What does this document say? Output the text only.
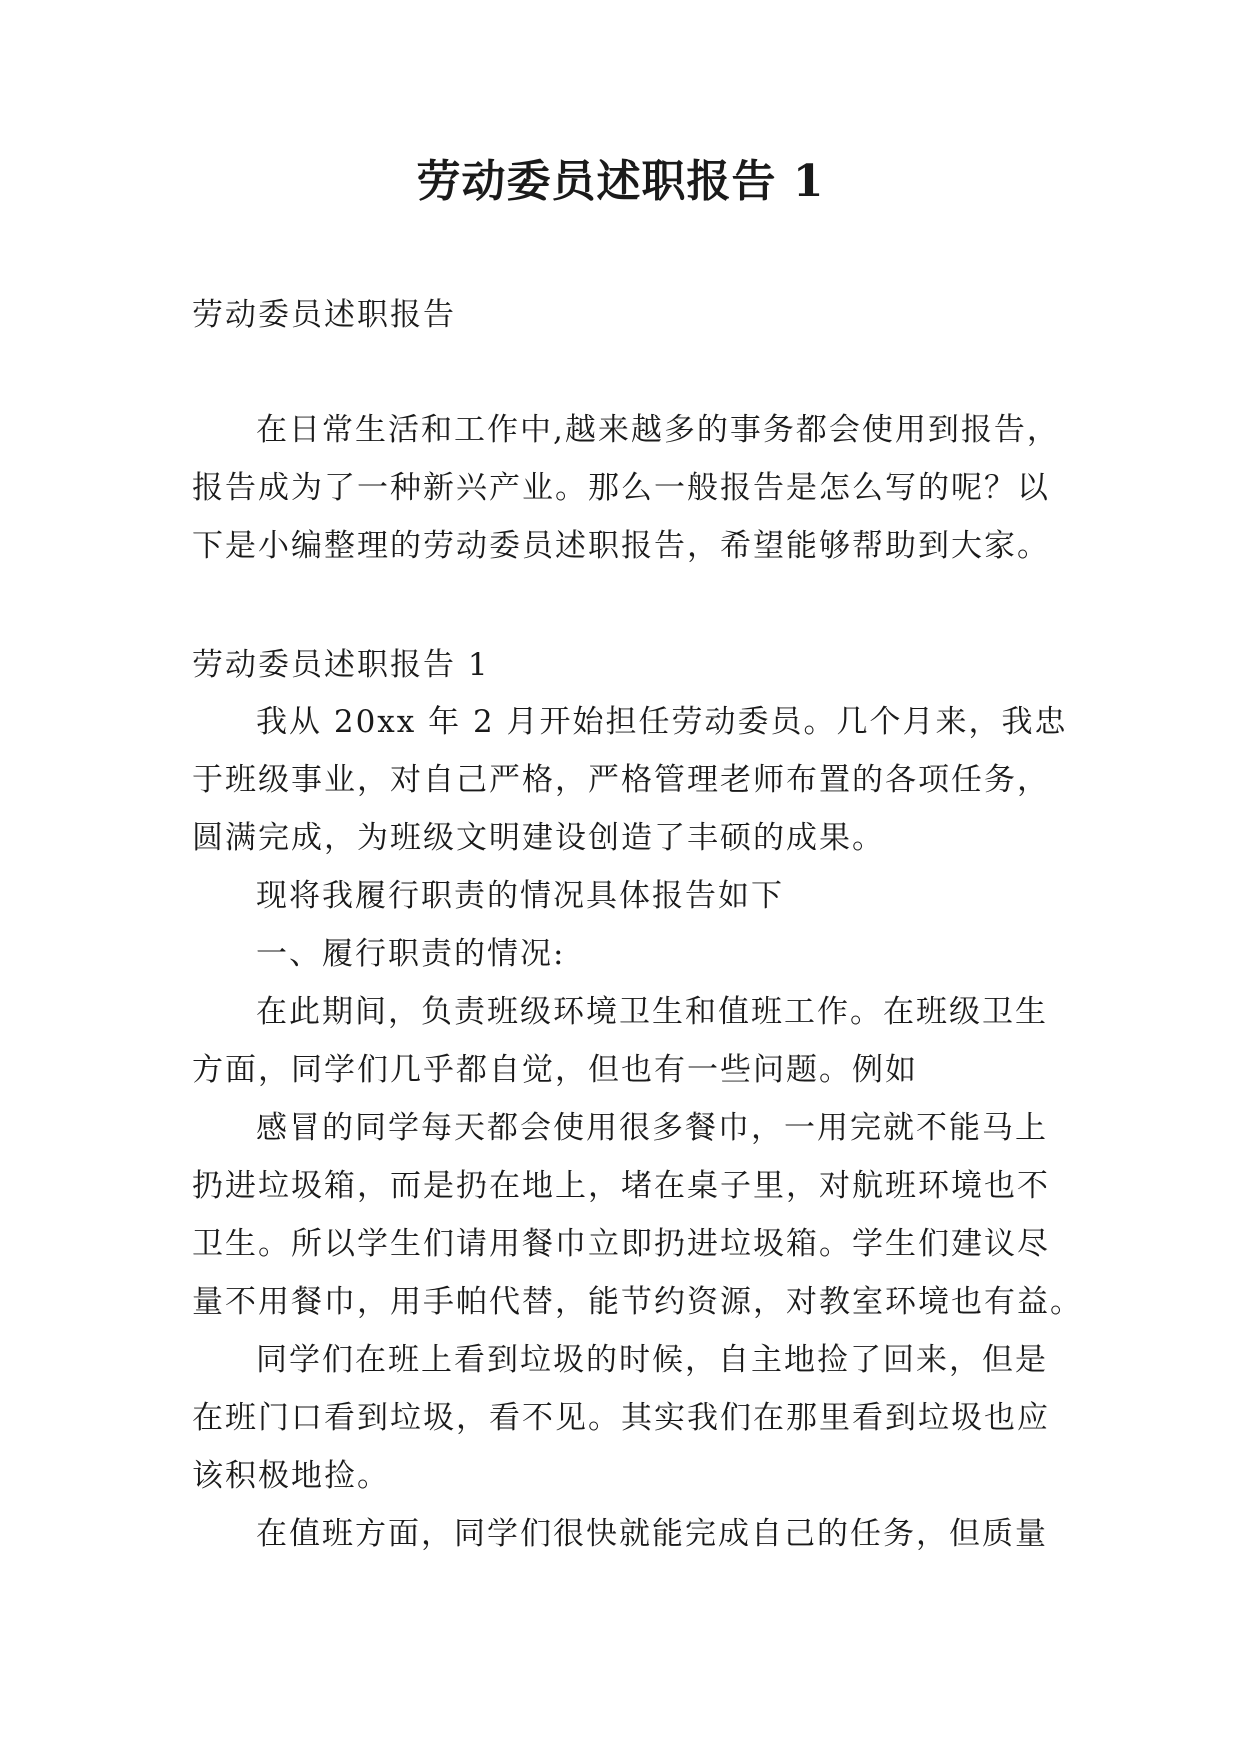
劳动委员述职报告 1
劳动委员述职报告
在日常生活和工作中,越来越多的事务都会使用到报告，
报告成为了一种新兴产业。那么一般报告是怎么写的呢？以
下是小编整理的劳动委员述职报告，希望能够帮助到大家。
劳动委员述职报告 1
我从 20xx 年 2 月开始担任劳动委员。几个月来，我忠
于班级事业，对自己严格，严格管理老师布置的各项任务，
圆满完成，为班级文明建设创造了丰硕的成果。
现将我履行职责的情况具体报告如下
一、履行职责的情况:
在此期间，负责班级环境卫生和值班工作。在班级卫生
方面，同学们几乎都自觉，但也有一些问题。例如
感冒的同学每天都会使用很多餐巾，一用完就不能马上
扔进垃圾箱，而是扔在地上，堵在桌子里，对航班环境也不
卫生。所以学生们请用餐巾立即扔进垃圾箱。学生们建议尽
量不用餐巾，用手帕代替，能节约资源，对教室环境也有益。
同学们在班上看到垃圾的时候，自主地捡了回来，但是
在班门口看到垃圾，看不见。其实我们在那里看到垃圾也应
该积极地捡。
在值班方面，同学们很快就能完成自己的任务，但质量
